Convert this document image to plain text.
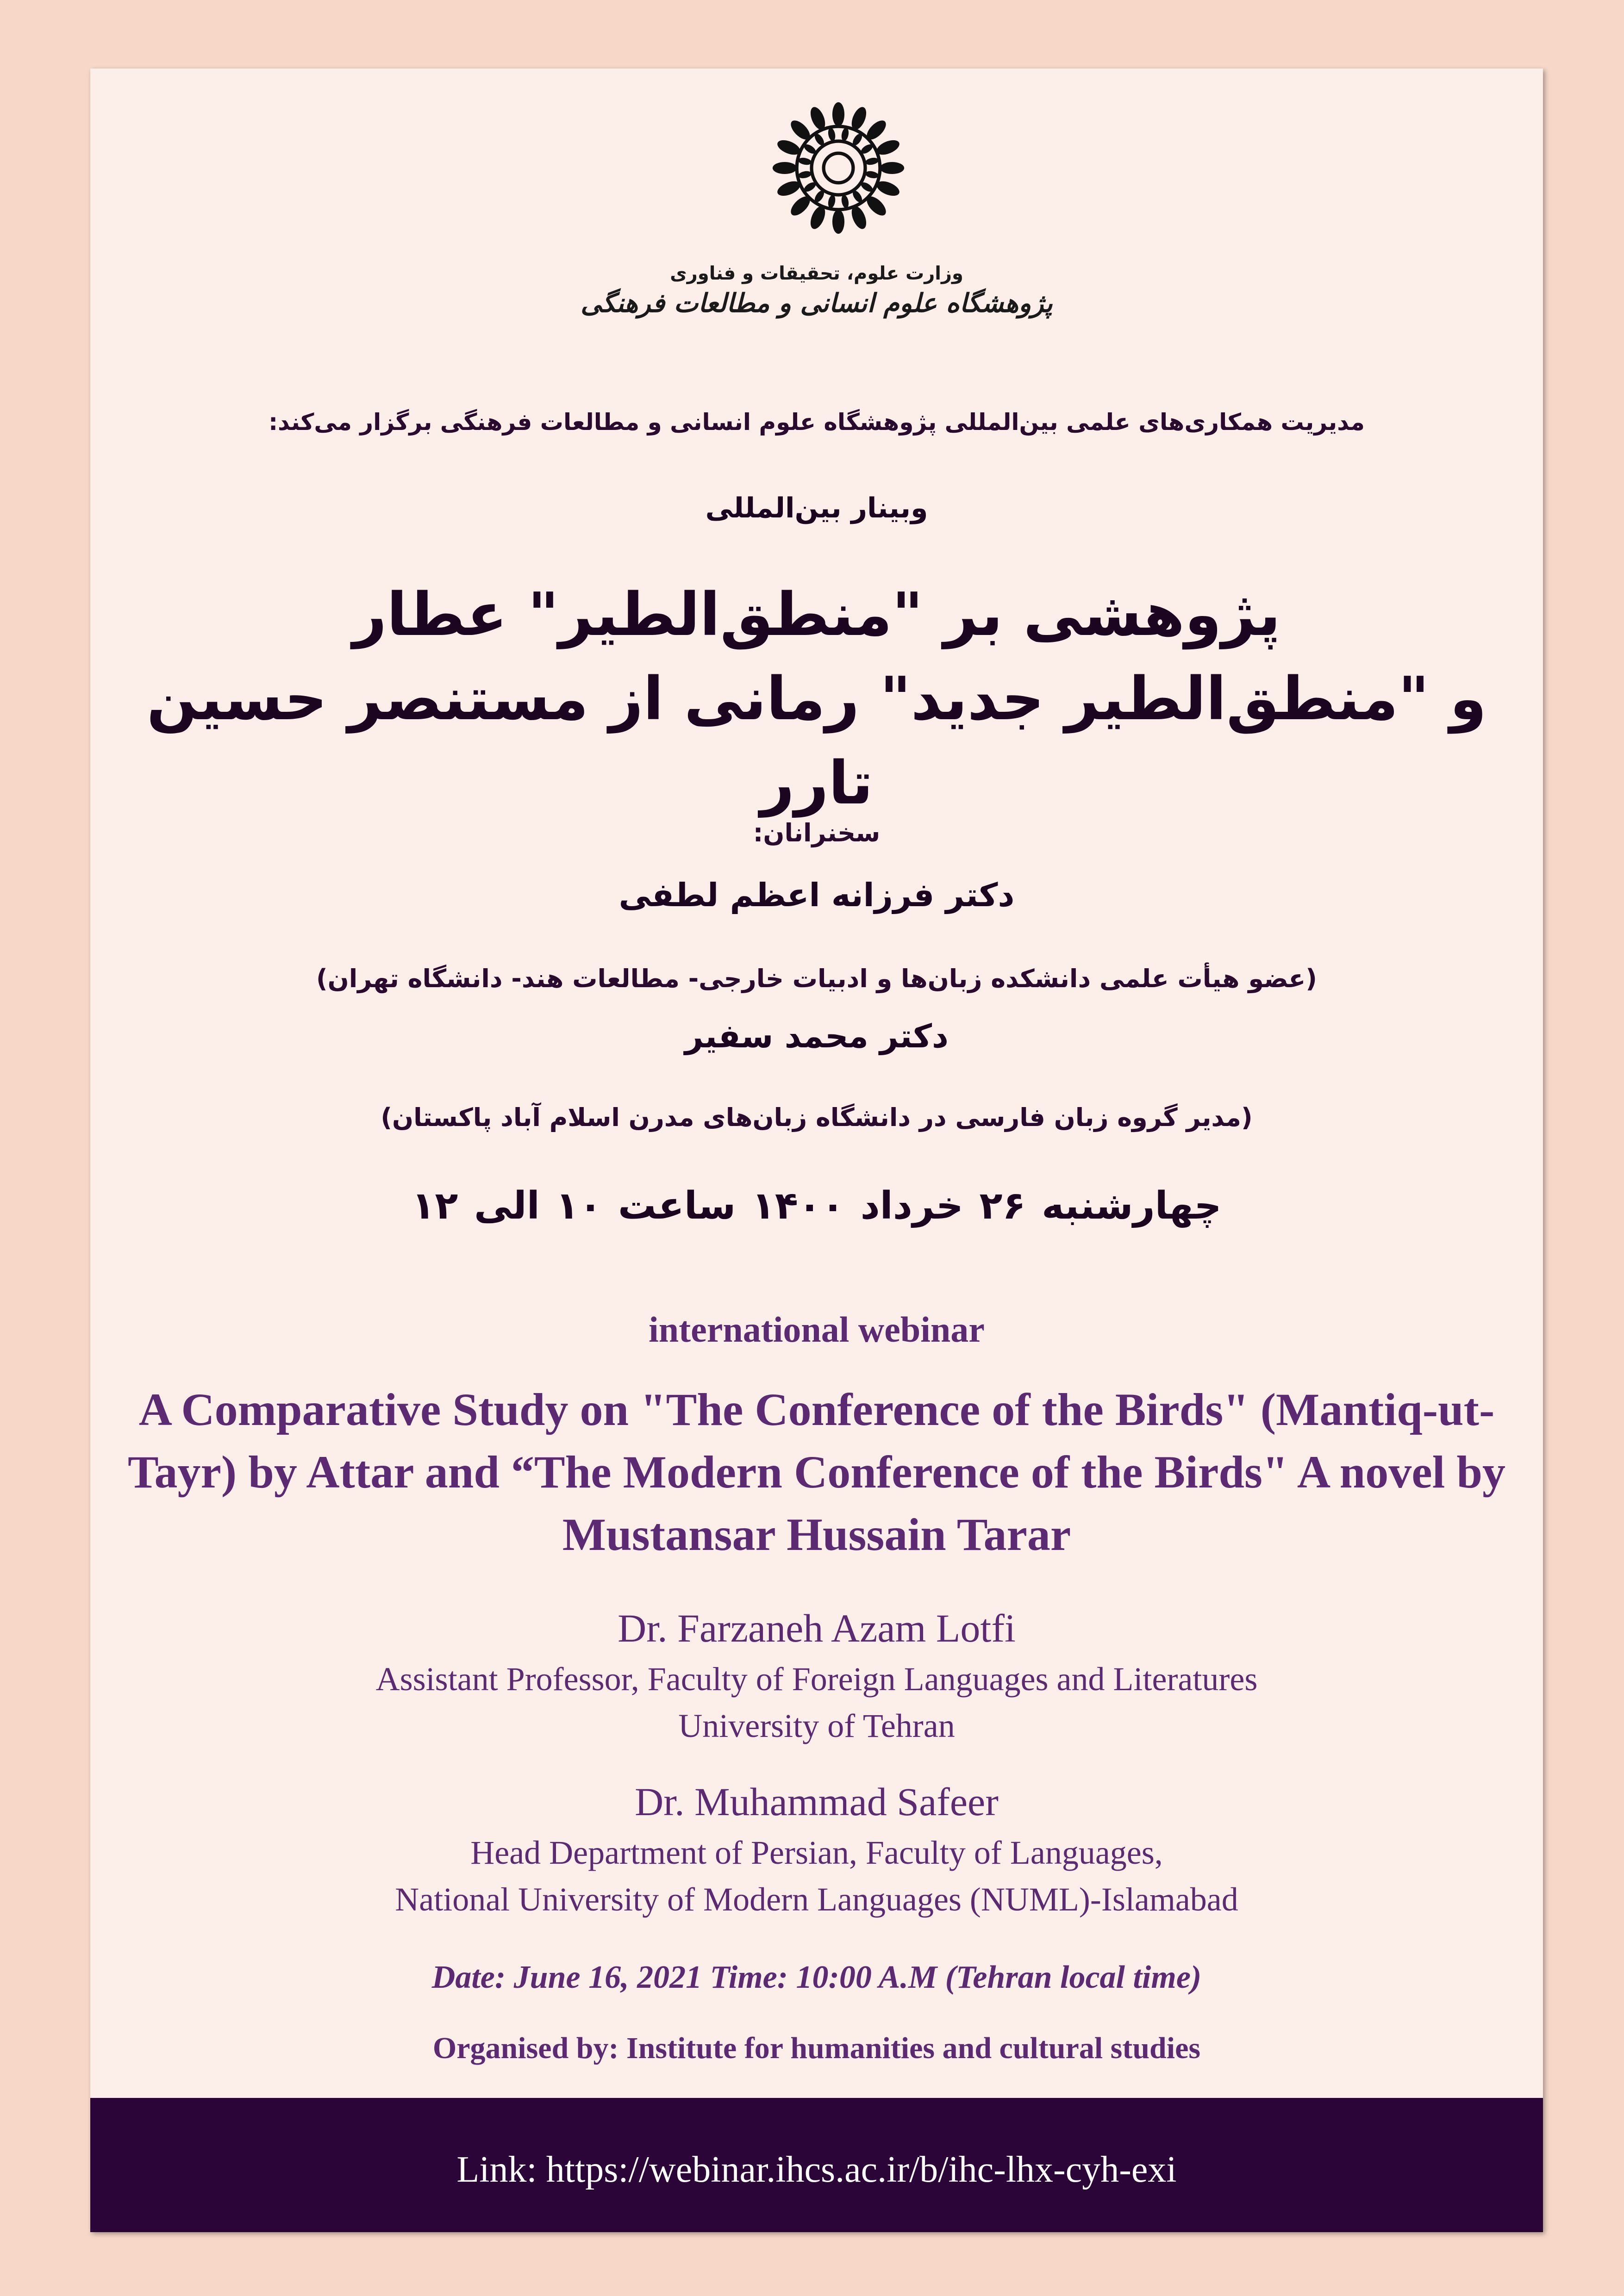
وزارت علوم، تحقیقات و فناوری
پژوهشگاه علوم انسانی و مطالعات فرهنگی
مدیریت همکاری‌های علمی بین‌المللی پژوهشگاه علوم انسانی و مطالعات فرهنگی برگزار می‌کند:
وبینار بین‌المللی
پژوهشی بر "منطق‌الطیر" عطار
و "منطق‌الطیر جدید" رمانی از مستنصر حسین تارر
سخنرانان:
دکتر فرزانه اعظم لطفی
(عضو هیأت علمی دانشکده زبان‌ها و ادبیات خارجی- مطالعات هند- دانشگاه تهران)
دکتر محمد سفیر
(مدیر گروه زبان فارسی در دانشگاه زبان‌های مدرن اسلام آباد پاکستان)
چهارشنبه ۲۶ خرداد ۱۴۰۰ ساعت ۱۰ الی ۱۲
international webinar
A Comparative Study on "The Conference of the Birds" (Mantiq-ut-Tayr) by Attar and “The Modern Conference of the Birds" A novel by Mustansar Hussain Tarar
Dr. Farzaneh Azam Lotfi
Assistant Professor, Faculty of Foreign Languages and Literatures
University of Tehran
Dr. Muhammad Safeer
Head Department of Persian, Faculty of Languages,
National University of Modern Languages (NUML)-Islamabad
Date: June 16, 2021 Time: 10:00 A.M (Tehran local time)
Organised by: Institute for humanities and cultural studies
Link: https://webinar.ihcs.ac.ir/b/ihc-lhx-cyh-exi
